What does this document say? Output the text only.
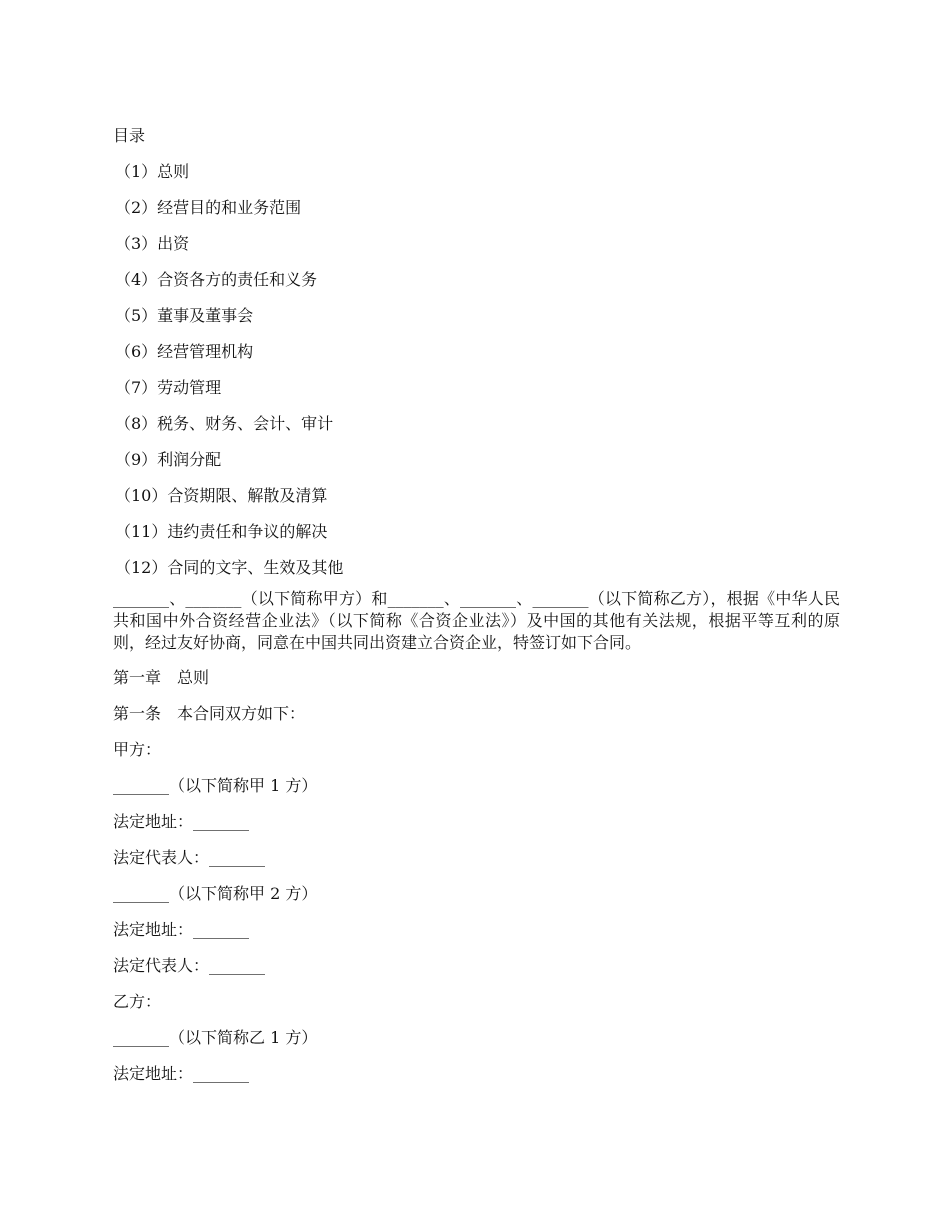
目录
（1）总则
（2）经营目的和业务范围
（3）出资
（4）合资各方的责任和义务
（5）董事及董事会
（6）经营管理机构
（7）劳动管理
（8）税务、财务、会计、审计
（9）利润分配
（10）合资期限、解散及清算
（11）违约责任和争议的解决
（12）合同的文字、生效及其他
_______、_______（以下简称甲方）和_______、_______、_______（以下简称乙方），根据《中华人民共和国中外合资经营企业法》（以下简称《合资企业法》）及中国的其他有关法规，根据平等互利的原则，经过友好协商，同意在中国共同出资建立合资企业，特签订如下合同。
第一章　总则
第一条　本合同双方如下：
甲方：
_______（以下简称甲 1 方）
法定地址：_______
法定代表人：_______
_______（以下简称甲 2 方）
法定地址：_______
法定代表人：_______
乙方：
_______（以下简称乙 1 方）
法定地址：_______
